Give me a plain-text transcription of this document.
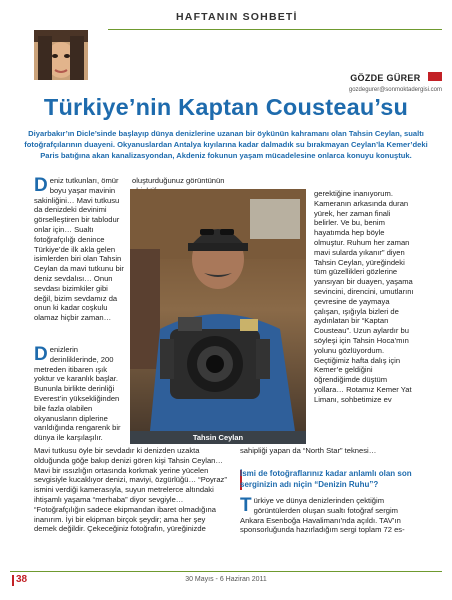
HAFTANIN SOHBETİ
GÖZDE GÜRER
gozdegurer@sonmoktadergisi.com
Türkiye’nin Kaptan Cousteau’su
Diyarbakır’ın Dicle’sinde başlayıp dünya denizlerine uzanan bir öykünün kahramanı olan Tahsin Ceylan, sualtı fotoğrafçılarının duayeni. Okyanuslardan Antalya kıyılarına kadar dalmadık su bırakmayan Ceylan’la Kemer’deki Paris batığına akan kanalizasyondan, Akdeniz fokunun yaşam mücadelesine onlarca konuyu konuştuk.
Deniz tutkunları, ömür boyu yaşar mavinin sakinliğini… Mavi tutkusu da denizdeki devinimi görselleştiren bir tablodur onlar için… Sualtı fotoğrafçılığı denince Türkiye’de ilk akla gelen isimlerden biri olan Tahsin Ceylan da mavi tutkunu bir deniz sevdalısı… Onun sevdası bizimkiler gibi değil, bizim sevdamız da onun ki kadar coşkulu olamaz hiçbir zaman…
Denizlerin derinliklerinde, 200 metreden itibaren ışık yoktur ve karanlık başlar. Bununla birlikte derinliği Everest’in yüksekliğinden bile fazla olabilen okyanusların diplerine varıldığında rengarenk bir dünya ile karşılaşılır.
oluşturduğunuz görüntünün
Tahsin Ceylan
gerektiğine inanıyorum. Kameranın arkasında duran yürek, her zaman finali belirler. Ve bu, benim hayatımda hep böyle olmuştur. Ruhum her zaman mavi sularda yıkanır” diyen Tahsin Ceylan, yüreğindeki tüm güzellikleri gözlerine yansıyan bir duayen, yaşama sevincini, direncini, umutlarını çevresine de yaymaya çalışan, ışığıyla bizleri de aydınlatan bir “Kaptan Cousteau”. Uzun aylardır bu söyleşi için Tahsin Hoca’mın yolunu gözlüyordum. Geçtiğimiz hafta dalış için Kemer’e geldiğini öğrendiğimde düştüm yollara… Rotamız Kemer Yat Limanı, sohbetimize ev
Mavi tutkusu öyle bir sevdadır ki denizden uzakta olduğunda göğe bakıp denizi gören kişi Tahsin Ceylan… Mavi bir ıssızlığın ortasında korkmak yerine yücelen sevgisiyle kucaklıyor denizi, maviyi, özgürlüğü… “Poyraz” ismini verdiği kamerasıyla, suyun metrelerce altındaki ihtişamlı yaşama “merhaba” diyor sevgiyle… “Fotoğrafçılığın sadece ekipmandan ibaret olmadığına inanırım. İyi bir ekipman birçok şeydir; ama her şey demek değildir. Çekeceğiniz fotoğrafın, yüreğinizde
sahipliği yapan da “North Star” teknesi…
İsmi de fotoğraflarınız kadar anlamlı olan son serginizin adı niçin “Denizin Ruhu”?
Türkiye ve dünya denizlerinden çektiğim görüntülerden oluşan sualtı fotoğraf sergim Ankara Esenboğa Havalimanı’nda açıldı. TAV’ın sponsorluğunda hazırladığım sergi toplam 72 es-
38	30 Mayıs - 6 Haziran 2011
